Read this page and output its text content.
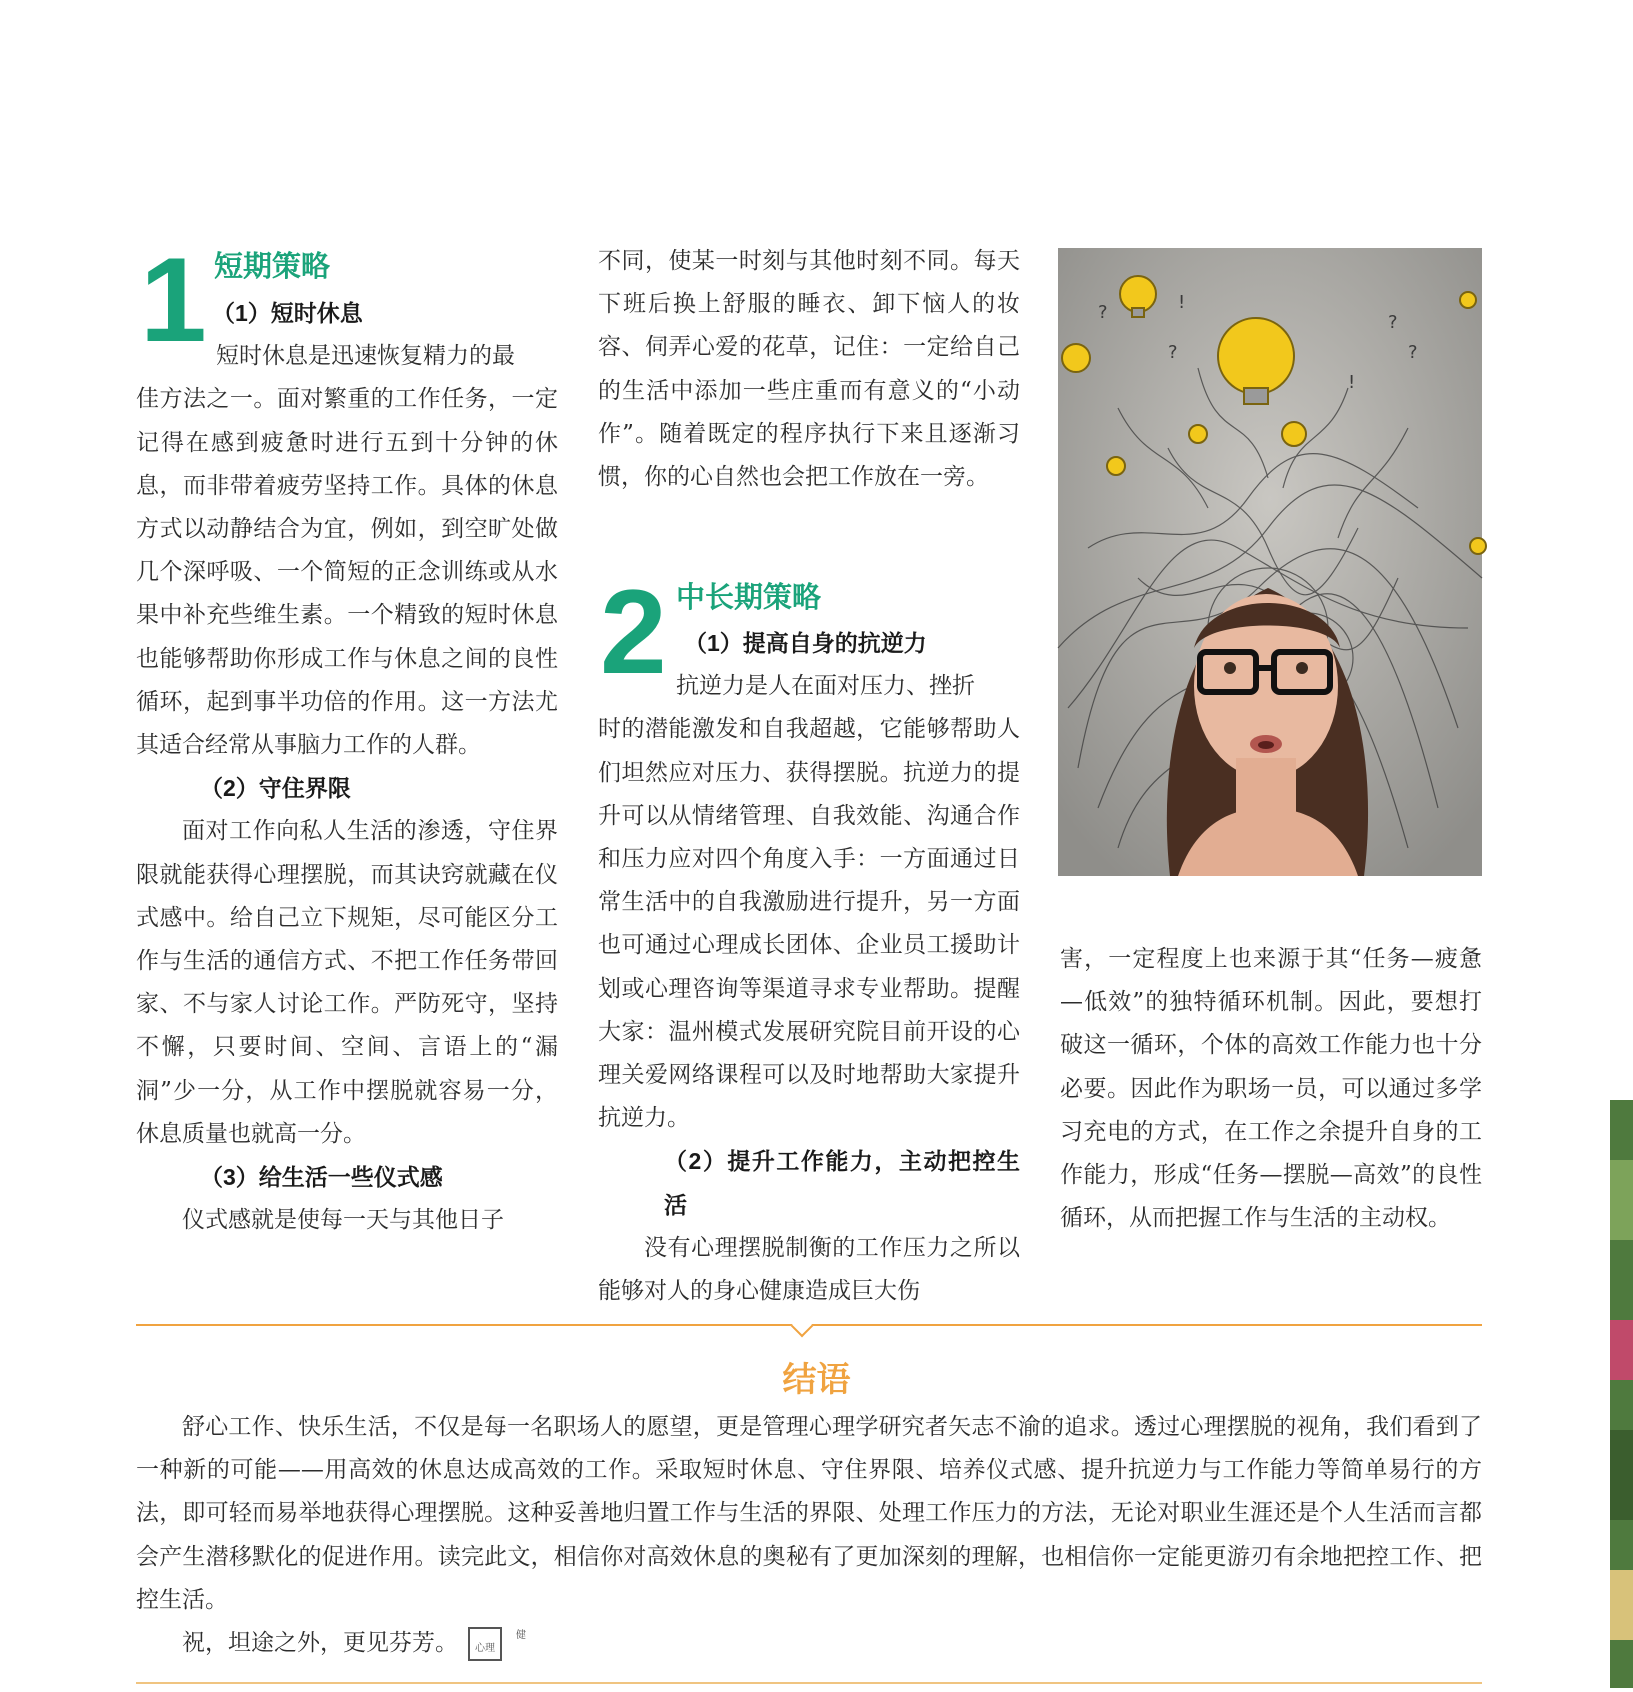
1 短期策略

（1）短时休息

短时休息是迅速恢复精力的最

佳方法之一。面对繁重的工作任务，一定记得在感到疲惫时进行五到十分钟的休息，而非带着疲劳坚持工作。具体的休息方式以动静结合为宜，例如，到空旷处做几个深呼吸、一个简短的正念训练或从水果中补充些维生素。一个精致的短时休息也能够帮助你形成工作与休息之间的良性循环，起到事半功倍的作用。这一方法尤其适合经常从事脑力工作的人群。

（2）守住界限

面对工作向私人生活的渗透，守住界限就能获得心理摆脱，而其诀窍就藏在仪式感中。给自己立下规矩，尽可能区分工作与生活的通信方式、不把工作任务带回家、不与家人讨论工作。严防死守，坚持不懈，只要时间、空间、言语上的“漏洞”少一分，从工作中摆脱就容易一分，休息质量也就高一分。

（3）给生活一些仪式感

仪式感就是使每一天与其他日子

不同，使某一时刻与其他时刻不同。每天下班后换上舒服的睡衣、卸下恼人的妆容、伺弄心爱的花草，记住：一定给自己的生活中添加一些庄重而有意义的“小动作”。随着既定的程序执行下来且逐渐习惯，你的心自然也会把工作放在一旁。

2 中长期策略

（1）提高自身的抗逆力

抗逆力是人在面对压力、挫折

时的潜能激发和自我超越，它能够帮助人们坦然应对压力、获得摆脱。抗逆力的提升可以从情绪管理、自我效能、沟通合作和压力应对四个角度入手：一方面通过日常生活中的自我激励进行提升，另一方面也可通过心理成长团体、企业员工援助计划或心理咨询等渠道寻求专业帮助。提醒大家：温州模式发展研究院目前开设的心理关爱网络课程可以及时地帮助大家提升抗逆力。

（2）提升工作能力，主动把控生活

没有心理摆脱制衡的工作压力之所以能够对人的身心健康造成巨大伤

?
?
?
?
!
!

害，一定程度上也来源于其“任务—疲惫—低效”的独特循环机制。因此，要想打破这一循环，个体的高效工作能力也十分必要。因此作为职场一员，可以通过多学习充电的方式，在工作之余提升自身的工作能力，形成“任务—摆脱—高效”的良性循环，从而把握工作与生活的主动权。

结语

舒心工作、快乐生活，不仅是每一名职场人的愿望，更是管理心理学研究者矢志不渝的追求。透过心理摆脱的视角，我们看到了一种新的可能——用高效的休息达成高效的工作。采取短时休息、守住界限、培养仪式感、提升抗逆力与工作能力等简单易行的方法，即可轻而易举地获得心理摆脱。这种妥善地归置工作与生活的界限、处理工作压力的方法，无论对职业生涯还是个人生活而言都会产生潜移默化的促进作用。读完此文，相信你对高效休息的奥秘有了更加深刻的理解，也相信你一定能更游刃有余地把控工作、把控生活。

祝，坦途之外，更见芬芳。	健心理
